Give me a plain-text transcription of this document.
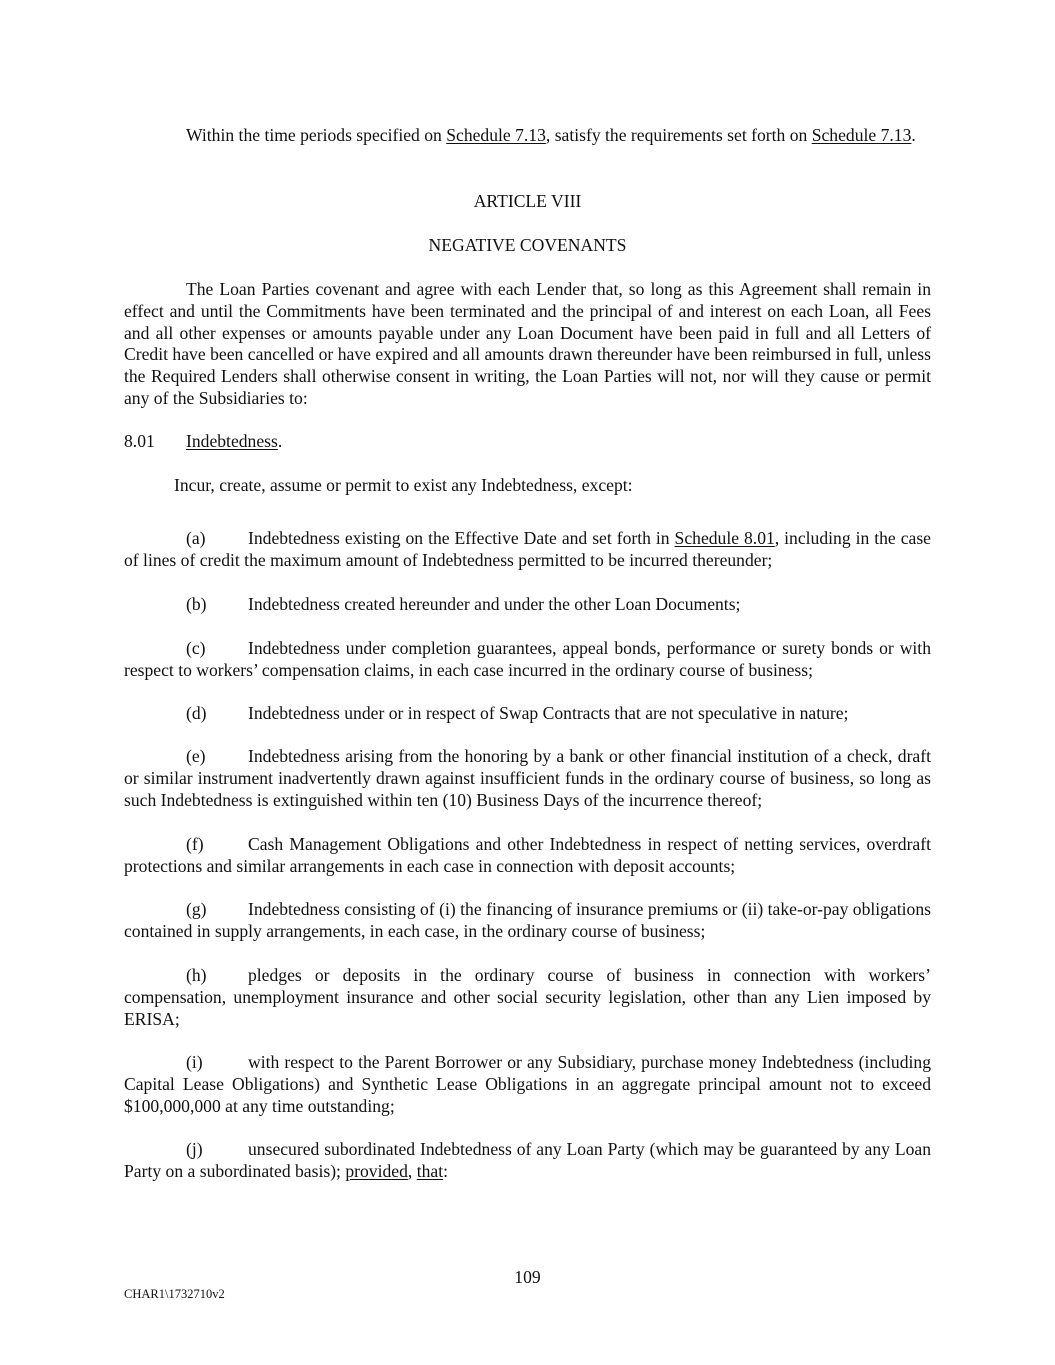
Within the time periods specified on Schedule 7.13, satisfy the requirements set forth on Schedule 7.13.

ARTICLE VIII

NEGATIVE COVENANTS

The Loan Parties covenant and agree with each Lender that, so long as this Agreement shall remain in effect and until the Commitments have been terminated and the principal of and interest on each Loan, all Fees and all other expenses or amounts payable under any Loan Document have been paid in full and all Letters of Credit have been cancelled or have expired and all amounts drawn thereunder have been reimbursed in full, unless the Required Lenders shall otherwise consent in writing, the Loan Parties will not, nor will they cause or permit any of the Subsidiaries to:

8.01 Indebtedness.

Incur, create, assume or permit to exist any Indebtedness, except:

(a) Indebtedness existing on the Effective Date and set forth in Schedule 8.01, including in the case of lines of credit the maximum amount of Indebtedness permitted to be incurred thereunder;

(b) Indebtedness created hereunder and under the other Loan Documents;

(c) Indebtedness under completion guarantees, appeal bonds, performance or surety bonds or with respect to workers’ compensation claims, in each case incurred in the ordinary course of business;

(d) Indebtedness under or in respect of Swap Contracts that are not speculative in nature;

(e) Indebtedness arising from the honoring by a bank or other financial institution of a check, draft or similar instrument inadvertently drawn against insufficient funds in the ordinary course of business, so long as such Indebtedness is extinguished within ten (10) Business Days of the incurrence thereof;

(f)	Cash Management Obligations and other Indebtedness in respect of netting services, overdraft protections and similar arrangements in each case in connection with deposit accounts;

(g) Indebtedness consisting of (i) the financing of insurance premiums or (ii) take-or-pay obligations contained in supply arrangements, in each case, in the ordinary course of business;

(h) pledges or deposits in the ordinary course of business in connection with workers’ compensation, unemployment insurance and other social security legislation, other than any Lien imposed by ERISA;

(i)	with respect to the Parent Borrower or any Subsidiary, purchase money Indebtedness (including Capital Lease Obligations) and Synthetic Lease Obligations in an aggregate principal amount not to exceed $100,000,000 at any time outstanding;

(j)	unsecured subordinated Indebtedness of any Loan Party (which may be guaranteed by any Loan Party on a subordinated basis); provided, that:

109
CHAR1\1732710v2
